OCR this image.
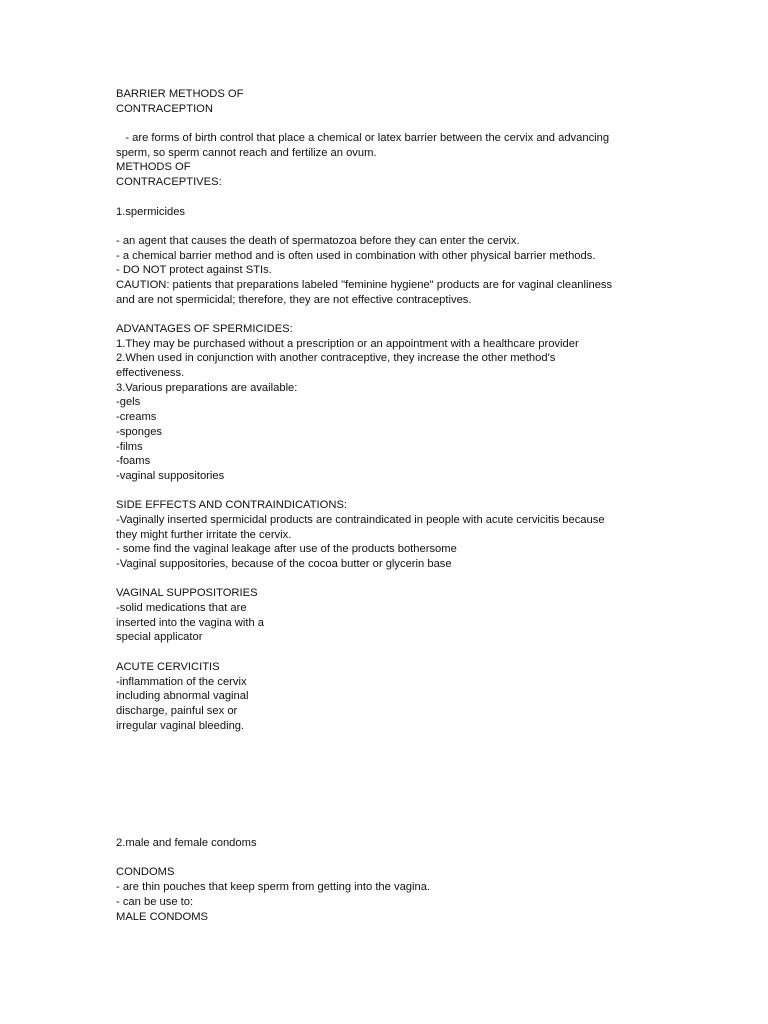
BARRIER METHODS OF
CONTRACEPTION
- are forms of birth control that place a chemical or latex barrier between the cervix and advancing
sperm, so sperm cannot reach and fertilize an ovum.
METHODS OF
CONTRACEPTIVES:
1.spermicides
- an agent that causes the death of spermatozoa before they can enter the cervix.
- a chemical barrier method and is often used in combination with other physical barrier methods.
- DO NOT protect against STIs.
CAUTION: patients that preparations labeled "feminine hygiene" products are for vaginal cleanliness
and are not spermicidal; therefore, they are not effective contraceptives.
ADVANTAGES OF SPERMICIDES:
1.They may be purchased without a prescription or an appointment with a healthcare provider
2.When used in conjunction with another contraceptive, they increase the other method's
effectiveness.
3.Various preparations are available:
-gels
-creams
-sponges
-films
-foams
-vaginal suppositories
SIDE EFFECTS AND CONTRAINDICATIONS:
-Vaginally inserted spermicidal products are contraindicated in people with acute cervicitis because
they might further irritate the cervix.
- some find the vaginal leakage after use of the products bothersome
-Vaginal suppositories, because of the cocoa butter or glycerin base
VAGINAL SUPPOSITORIES
-solid medications that are
inserted into the vagina with a
special applicator
ACUTE CERVICITIS
-inflammation of the cervix
including abnormal vaginal
discharge, painful sex or
irregular vaginal bleeding.
2.male and female condoms
CONDOMS
- are thin pouches that keep sperm from getting into the vagina.
- can be use to:
MALE CONDOMS
